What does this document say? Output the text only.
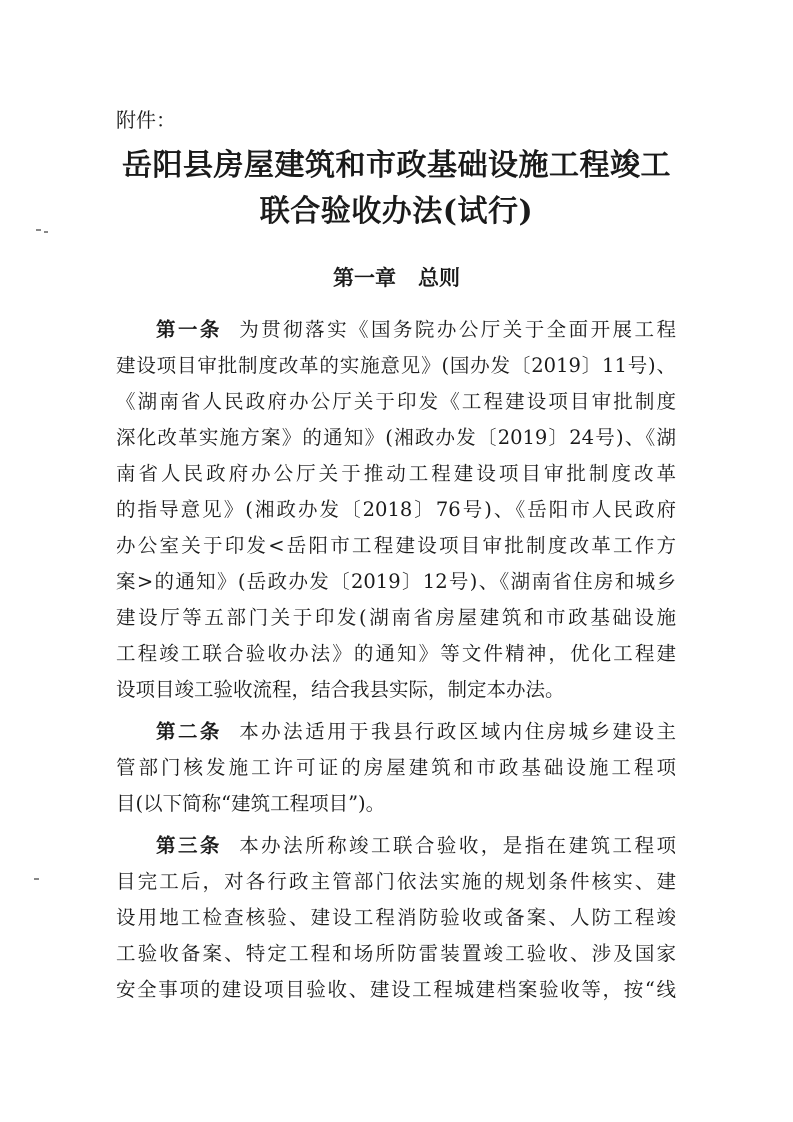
附件：
岳阳县房屋建筑和市政基础设施工程竣工
联合验收办法(试行)
第一章 总则
第一条 为贯彻落实《国务院办公厅关于全面开展工程
建设项目审批制度改革的实施意见》(国办发〔2019〕11号)、
《湖南省人民政府办公厅关于印发《工程建设项目审批制度
深化改革实施方案》的通知》(湘政办发〔2019〕24号)、《湖
南省人民政府办公厅关于推动工程建设项目审批制度改革
的指导意见》(湘政办发〔2018〕76号)、《岳阳市人民政府
办公室关于印发<岳阳市工程建设项目审批制度改革工作方
案>的通知》(岳政办发〔2019〕12号)、《湖南省住房和城乡
建设厅等五部门关于印发(湖南省房屋建筑和市政基础设施
工程竣工联合验收办法》的通知》等文件精神，优化工程建
设项目竣工验收流程，结合我县实际，制定本办法。
第二条 本办法适用于我县行政区域内住房城乡建设主
管部门核发施工许可证的房屋建筑和市政基础设施工程项
目(以下简称“建筑工程项目”)。
第三条 本办法所称竣工联合验收，是指在建筑工程项
目完工后，对各行政主管部门依法实施的规划条件核实、建
设用地工检查核验、建设工程消防验收或备案、人防工程竣
工验收备案、特定工程和场所防雷装置竣工验收、涉及国家
安全事项的建设项目验收、建设工程城建档案验收等，按“线
